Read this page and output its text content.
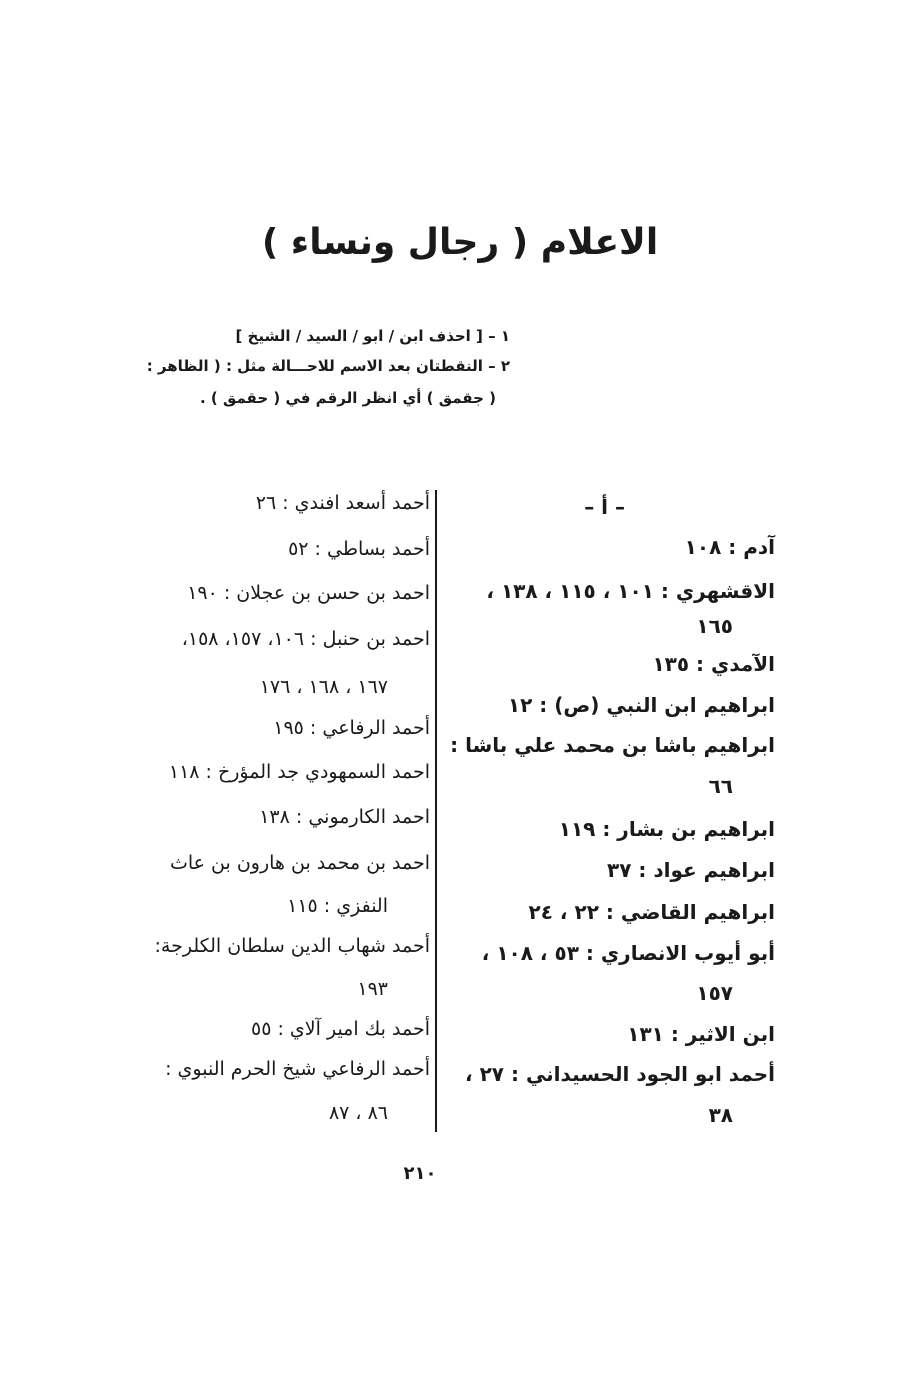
الاعلام ( رجال ونساء )
١ – [ احذف ابن / ابو / السيد / الشيخ ]
٢ – النقطتان بعد الاسم للاحـــالة مثل : ( الظاهر :
( جقمق ) أي انظر الرقم في ( حقمق ) .
– أ –
آدم : ١٠٨
الاقشهري : ١٠١ ، ١١٥ ، ١٣٨ ،
١٦٥
الآمدي : ١٣٥
ابراهيم ابن النبي (ص) : ١٢
ابراهيم باشا بن محمد علي باشا :
٦٦
ابراهيم بن بشار : ١١٩
ابراهيم عواد : ٣٧
ابراهيم القاضي : ٢٢ ، ٢٤
أبو أيوب الانصاري : ٥٣ ، ١٠٨ ،
١٥٧
ابن الاثير : ١٣١
أحمد ابو الجود الحسيداني : ٢٧ ،
٣٨
أحمد أسعد افندي : ٢٦
أحمد بساطي : ٥٢
احمد بن حسن بن عجلان : ١٩٠
احمد بن حنبل : ١٠٦، ١٥٧، ١٥٨،
١٦٧ ، ١٦٨ ، ١٧٦
أحمد الرفاعي : ١٩٥
احمد السمهودي جد المؤرخ : ١١٨
احمد الكارموني : ١٣٨
احمد بن محمد بن هارون بن عاث
النفزي : ١١٥
أحمد شهاب الدين سلطان الكلرجة:
١٩٣
أحمد بك امير آلاي : ٥٥
أحمد الرفاعي شيخ الحرم النبوي :
٨٦ ، ٨٧
٢١٠
